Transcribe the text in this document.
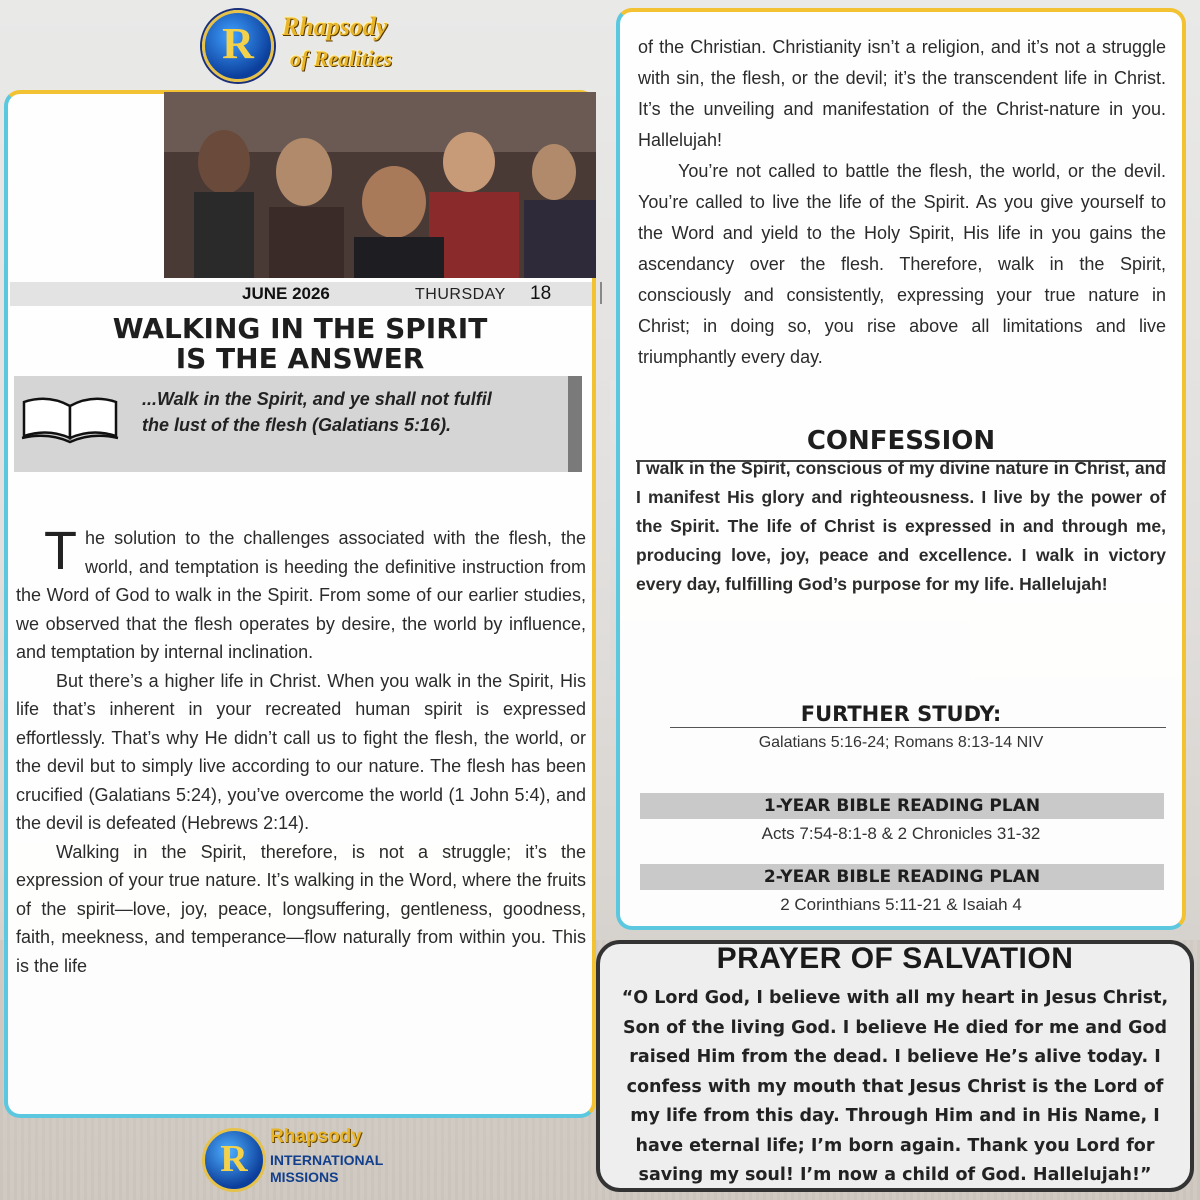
R	Rhapsody
of Realities
JUNE 2026	THURSDAY 18
WALKING IN THE SPIRIT
IS THE ANSWER
...Walk in the Spirit, and ye shall not fulfil
the lust of the flesh (Galatians 5:16).

The solution to the challenges associated with the flesh, the world, and temptation is heeding the definitive instruction from the Word of God to walk in the Spirit. From some of our earlier studies, we observed that the flesh operates by desire, the world by influence, and temptation by internal inclination.

But there’s a higher life in Christ. When you walk in the Spirit, His life that’s inherent in your recreated human spirit is expressed effortlessly. That’s why He didn’t call us to fight the flesh, the world, or the devil but to simply live according to our nature. The flesh has been crucified (Galatians 5:24), you’ve overcome the world (1 John 5:4), and the devil is defeated (Hebrews 2:14).

Walking in the Spirit, therefore, is not a struggle; it’s the expression of your true nature. It’s walking in the Word, where the fruits of the spirit—love, joy, peace, longsuffering, gentleness, goodness, faith, meekness, and temperance—flow naturally from within you. This is the life

of the Christian. Christianity isn’t a religion, and it’s not a struggle with sin, the flesh, or the devil; it’s the transcendent life in Christ. It’s the unveiling and manifestation of the Christ-nature in you. Hallelujah!

You’re not called to battle the flesh, the world, or the devil. You’re called to live the life of the Spirit. As you give yourself to the Word and yield to the Holy Spirit, His life in you gains the ascendancy over the flesh. Therefore, walk in the Spirit, consciously and consistently, expressing your true nature in Christ; in doing so, you rise above all limitations and live triumphantly every day.

CONFESSION
I walk in the Spirit, conscious of my divine nature in Christ, and I manifest His glory and righteousness. I live by the power of the Spirit. The life of Christ is expressed in and through me, producing love, joy, peace and excellence. I walk in victory every day, fulfilling God’s purpose for my life. Hallelujah!
FURTHER STUDY:
Galatians 5:16-24; Romans 8:13-14 NIV
1-YEAR BIBLE READING PLAN
Acts 7:54-8:1-8 & 2 Chronicles 31-32
2-YEAR BIBLE READING PLAN
2 Corinthians 5:11-21 & Isaiah 4
PRAYER OF SALVATION
“O Lord God, I believe with all my heart in Jesus Christ, Son of the living God. I believe He died for me and God raised Him from the dead. I believe He’s alive today. I confess with my mouth that Jesus Christ is the Lord of my life from this day. Through Him and in His Name, I have eternal life; I’m born again. Thank you Lord for saving my soul! I’m now a child of God. Hallelujah!”
R
Rhapsody
INTERNATIONAL
MISSIONS
